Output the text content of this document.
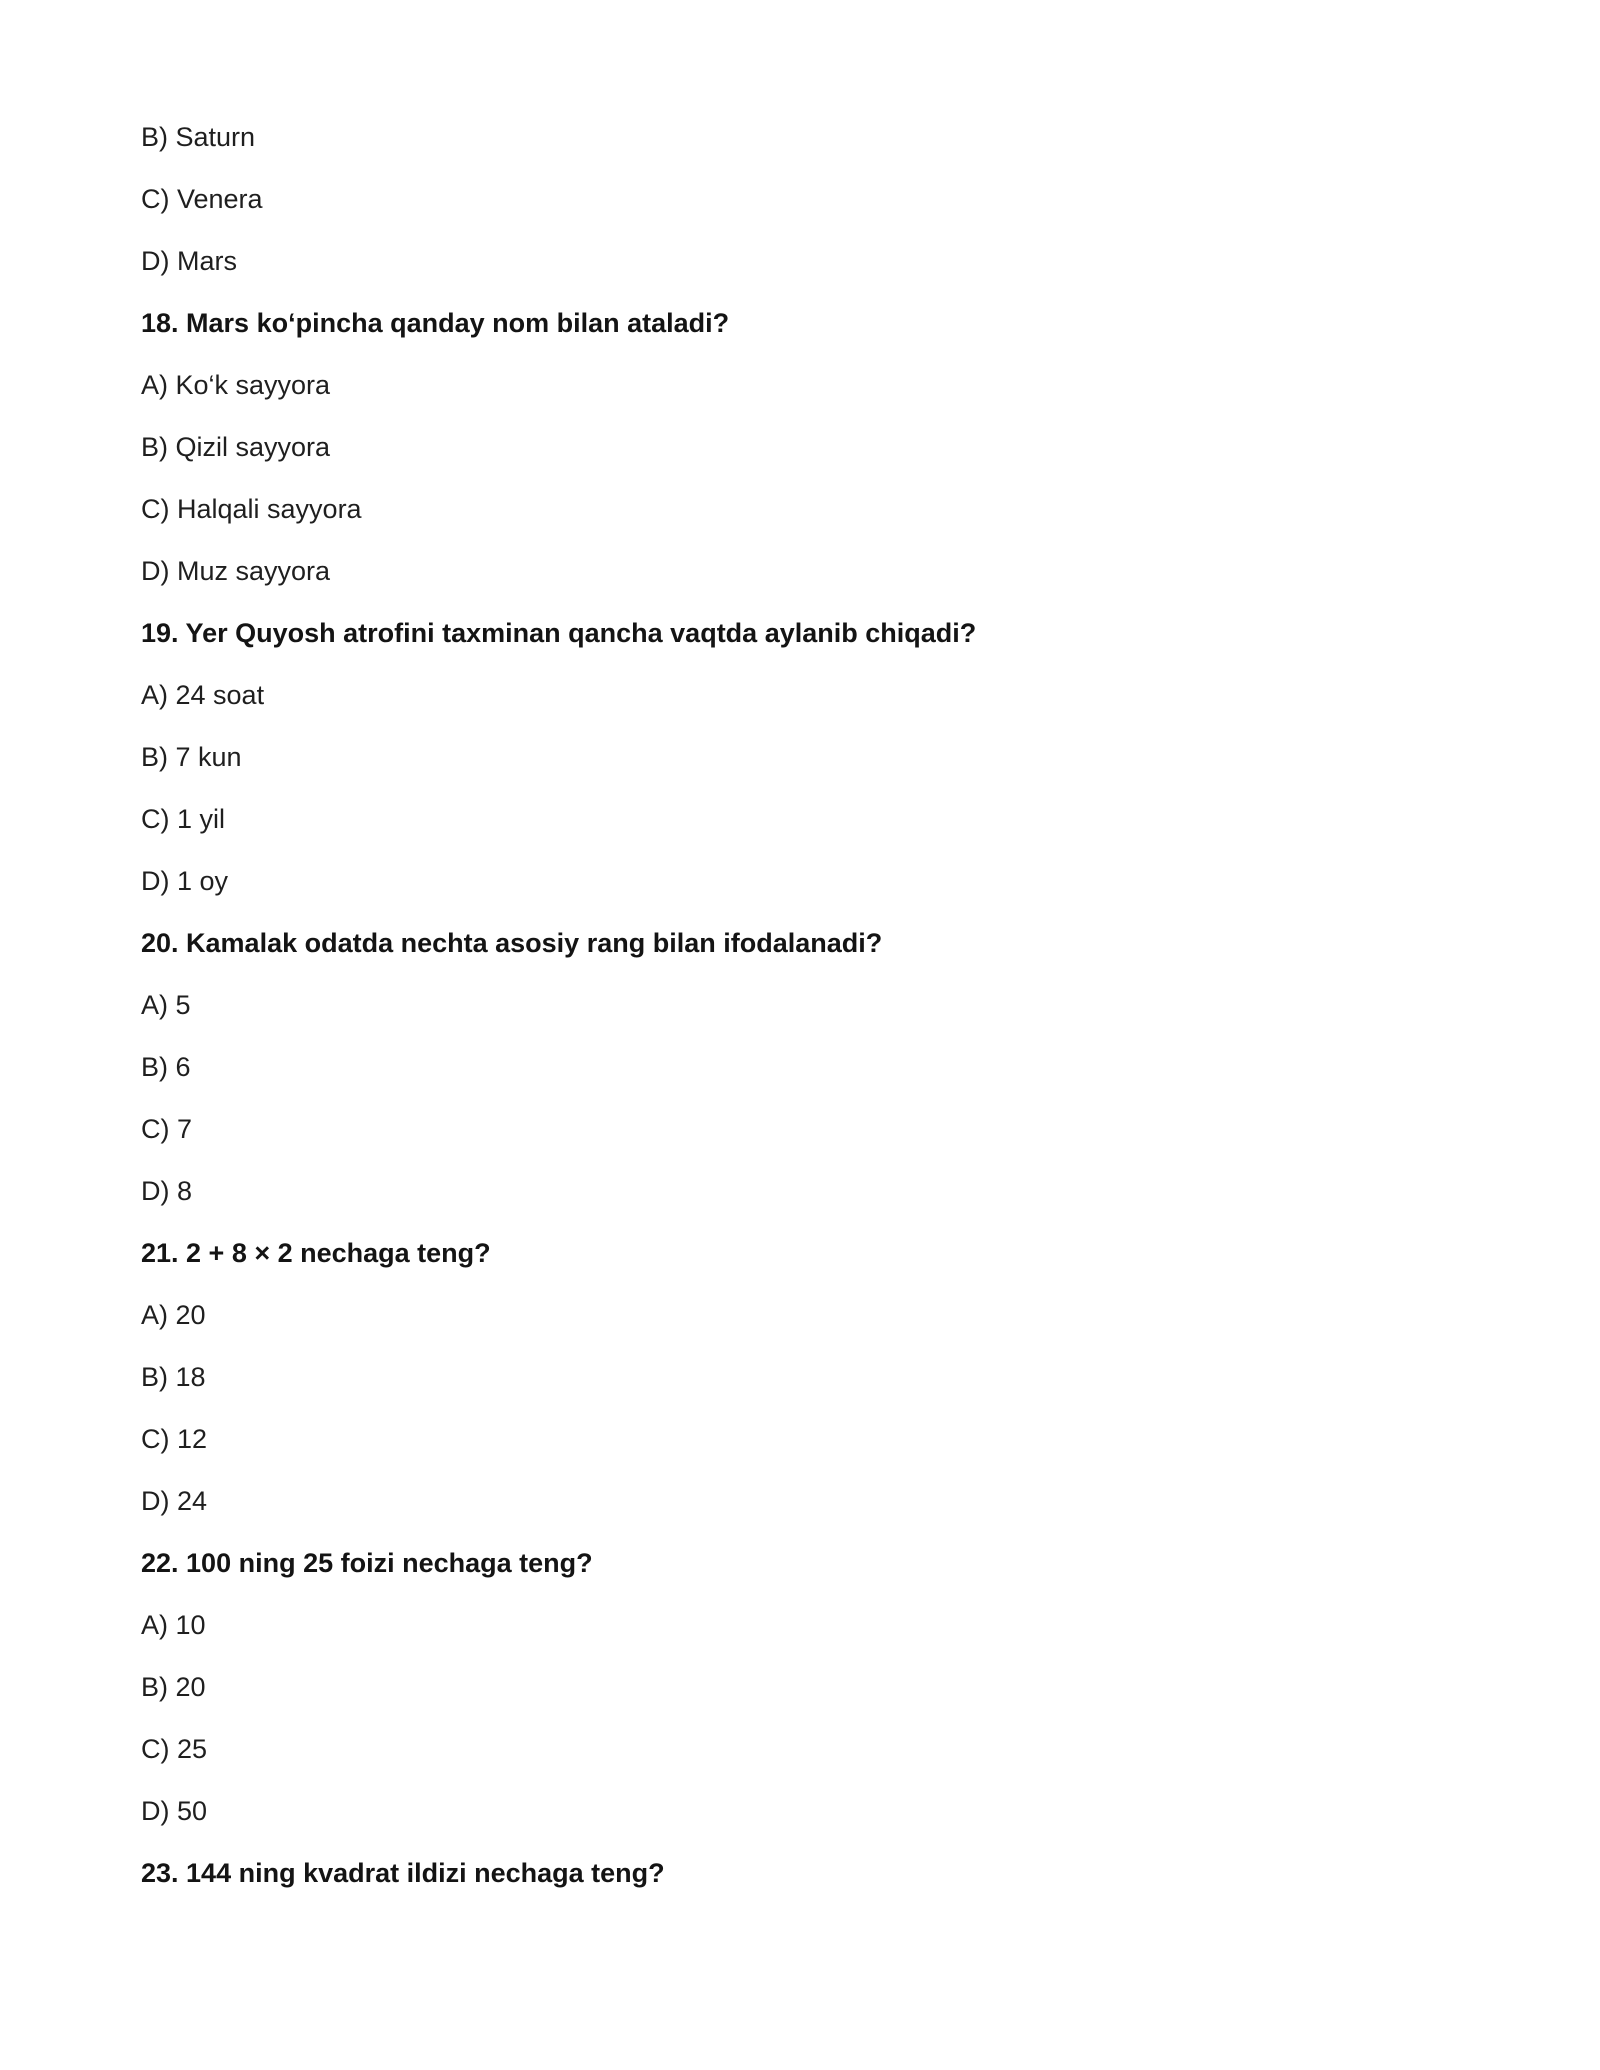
B) Saturn
C) Venera
D) Mars
18. Mars ko‘pincha qanday nom bilan ataladi?
A) Ko‘k sayyora
B) Qizil sayyora
C) Halqali sayyora
D) Muz sayyora
19. Yer Quyosh atrofini taxminan qancha vaqtda aylanib chiqadi?
A) 24 soat
B) 7 kun
C) 1 yil
D) 1 oy
20. Kamalak odatda nechta asosiy rang bilan ifodalanadi?
A) 5
B) 6
C) 7
D) 8
21. 2 + 8 × 2 nechaga teng?
A) 20
B) 18
C) 12
D) 24
22. 100 ning 25 foizi nechaga teng?
A) 10
B) 20
C) 25
D) 50
23. 144 ning kvadrat ildizi nechaga teng?
